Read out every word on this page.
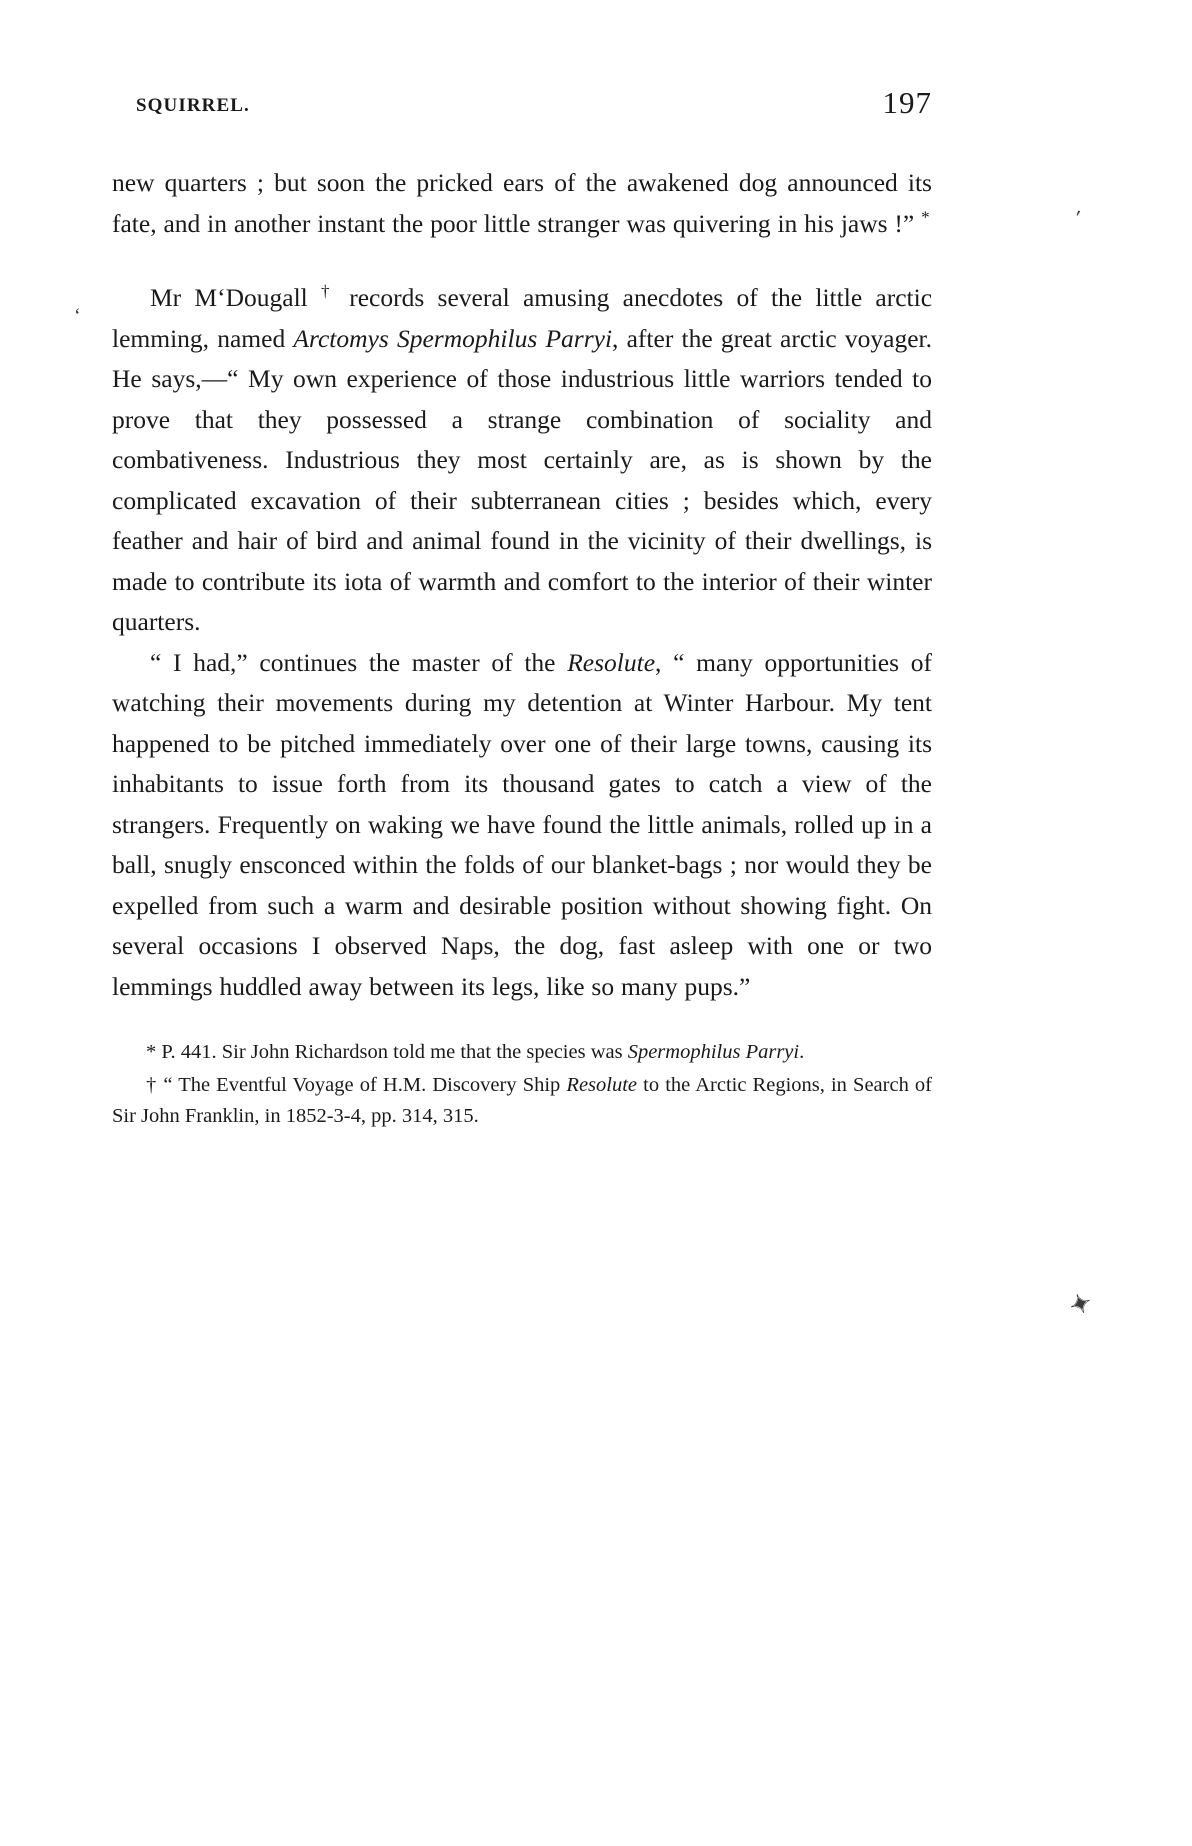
SQUIRREL.	197

new quarters ; but soon the pricked ears of the awakened dog announced its fate, and in another instant the poor little stranger was quivering in his jaws !” *

Mr M‘Dougall † records several amusing anecdotes of the little arctic lemming, named Arctomys Spermophilus Parryi, after the great arctic voyager. He says,—“ My own experience of those industrious little warriors tended to prove that they possessed a strange combination of sociality and combativeness. Industrious they most certainly are, as is shown by the complicated excavation of their subterranean cities ; besides which, every feather and hair of bird and animal found in the vicinity of their dwellings, is made to contribute its iota of warmth and comfort to the interior of their winter quarters.

“ I had,” continues the master of the Resolute, “ many opportunities of watching their movements during my detention at Winter Harbour. My tent happened to be pitched immediately over one of their large towns, causing its inhabitants to issue forth from its thousand gates to catch a view of the strangers. Frequently on waking we have found the little animals, rolled up in a ball, snugly ensconced within the folds of our blanket-bags ; nor would they be expelled from such a warm and desirable position without showing fight. On several occasions I observed Naps, the dog, fast asleep with one or two lemmings huddled away between its legs, like so many pups.”

* P. 441. Sir John Richardson told me that the species was Spermophilus Parryi.

† “ The Eventful Voyage of H.M. Discovery Ship Resolute to the Arctic Regions, in Search of Sir John Franklin, in 1852-3-4, pp. 314, 315.

′
‘
✦
